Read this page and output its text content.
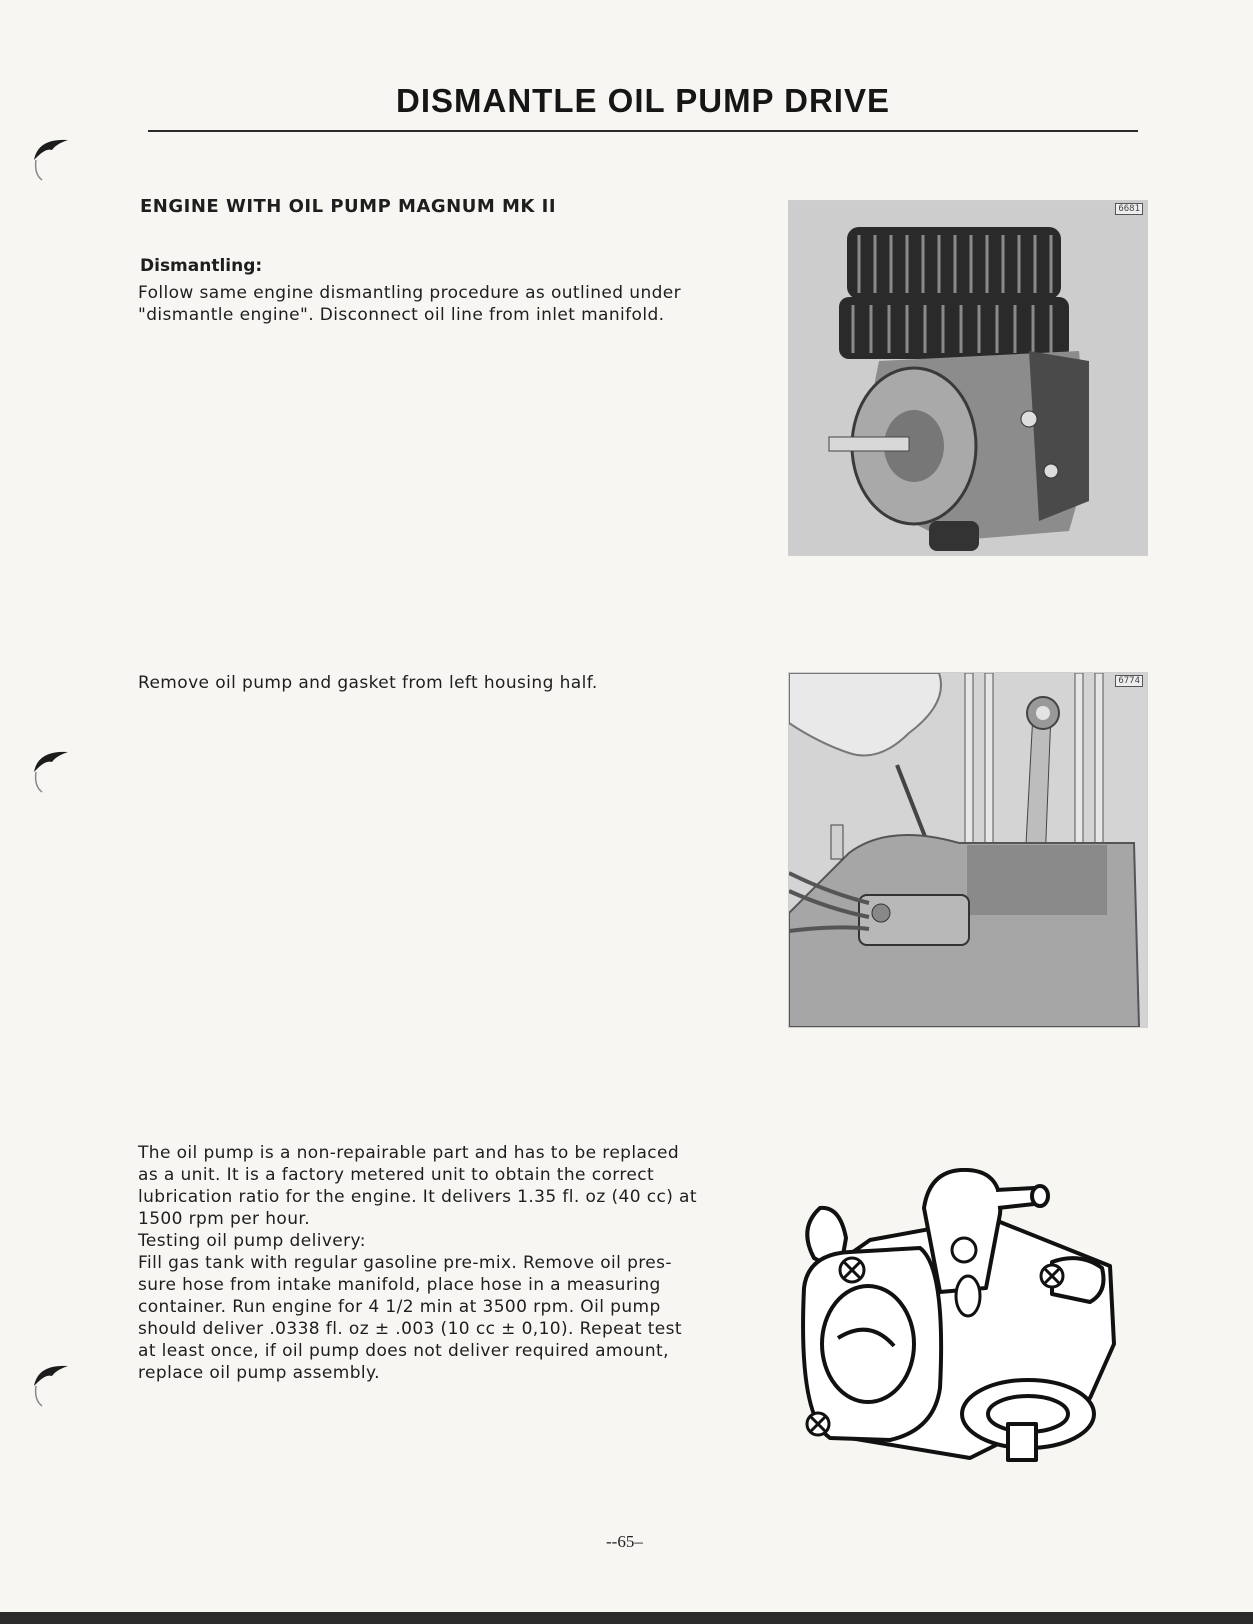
DISMANTLE OIL PUMP DRIVE
ENGINE WITH OIL PUMP MAGNUM MK II
Dismantling:
Follow same engine dismantling procedure as outlined under
"dismantle engine". Disconnect oil line from inlet manifold.
Remove oil pump and gasket from left housing half.
The oil pump is a non-repairable part and has to be replaced
as a unit. It is a factory metered unit to obtain the correct
lubrication ratio for the engine. It delivers 1.35 fl. oz (40 cc) at
1500 rpm per hour.
Testing oil pump delivery:
Fill gas tank with regular gasoline pre-mix. Remove oil pres-
sure hose from intake manifold, place hose in a measuring
container. Run engine for 4 1/2 min at 3500 rpm. Oil pump
should deliver .0338 fl. oz ± .003 (10 cc ± 0,10). Repeat test
at least once, if oil pump does not deliver required amount,
replace oil pump assembly.
6681
6774
--65–
